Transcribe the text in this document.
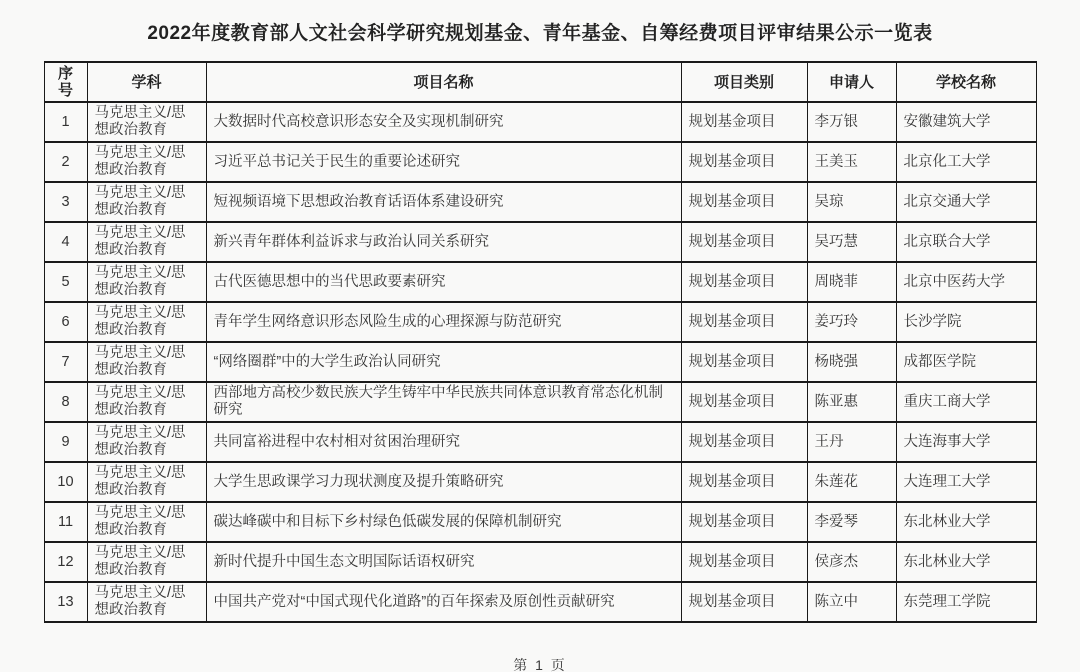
2022年度教育部人文社会科学研究规划基金、青年基金、自筹经费项目评审结果公示一览表
序号	学科	项目名称	项目类别	申请人	学校名称
1	马克思主义/思想政治教育	大数据时代高校意识形态安全及实现机制研究	规划基金项目	李万银	安徽建筑大学
2	马克思主义/思想政治教育	习近平总书记关于民生的重要论述研究	规划基金项目	王美玉	北京化工大学
3	马克思主义/思想政治教育	短视频语境下思想政治教育话语体系建设研究	规划基金项目	吴琼	北京交通大学
4	马克思主义/思想政治教育	新兴青年群体利益诉求与政治认同关系研究	规划基金项目	吴巧慧	北京联合大学
5	马克思主义/思想政治教育	古代医德思想中的当代思政要素研究	规划基金项目	周晓菲	北京中医药大学
6	马克思主义/思想政治教育	青年学生网络意识形态风险生成的心理探源与防范研究	规划基金项目	姜巧玲	长沙学院
7	马克思主义/思想政治教育	“网络圈群”中的大学生政治认同研究	规划基金项目	杨晓强	成都医学院
8	马克思主义/思想政治教育	西部地方高校少数民族大学生铸牢中华民族共同体意识教育常态化机制研究	规划基金项目	陈亚惠	重庆工商大学
9	马克思主义/思想政治教育	共同富裕进程中农村相对贫困治理研究	规划基金项目	王丹	大连海事大学
10	马克思主义/思想政治教育	大学生思政课学习力现状测度及提升策略研究	规划基金项目	朱莲花	大连理工大学
11	马克思主义/思想政治教育	碳达峰碳中和目标下乡村绿色低碳发展的保障机制研究	规划基金项目	李爱琴	东北林业大学
12	马克思主义/思想政治教育	新时代提升中国生态文明国际话语权研究	规划基金项目	侯彦杰	东北林业大学
13	马克思主义/思想政治教育	中国共产党对“中国式现代化道路”的百年探索及原创性贡献研究	规划基金项目	陈立中	东莞理工学院
第 1 页
